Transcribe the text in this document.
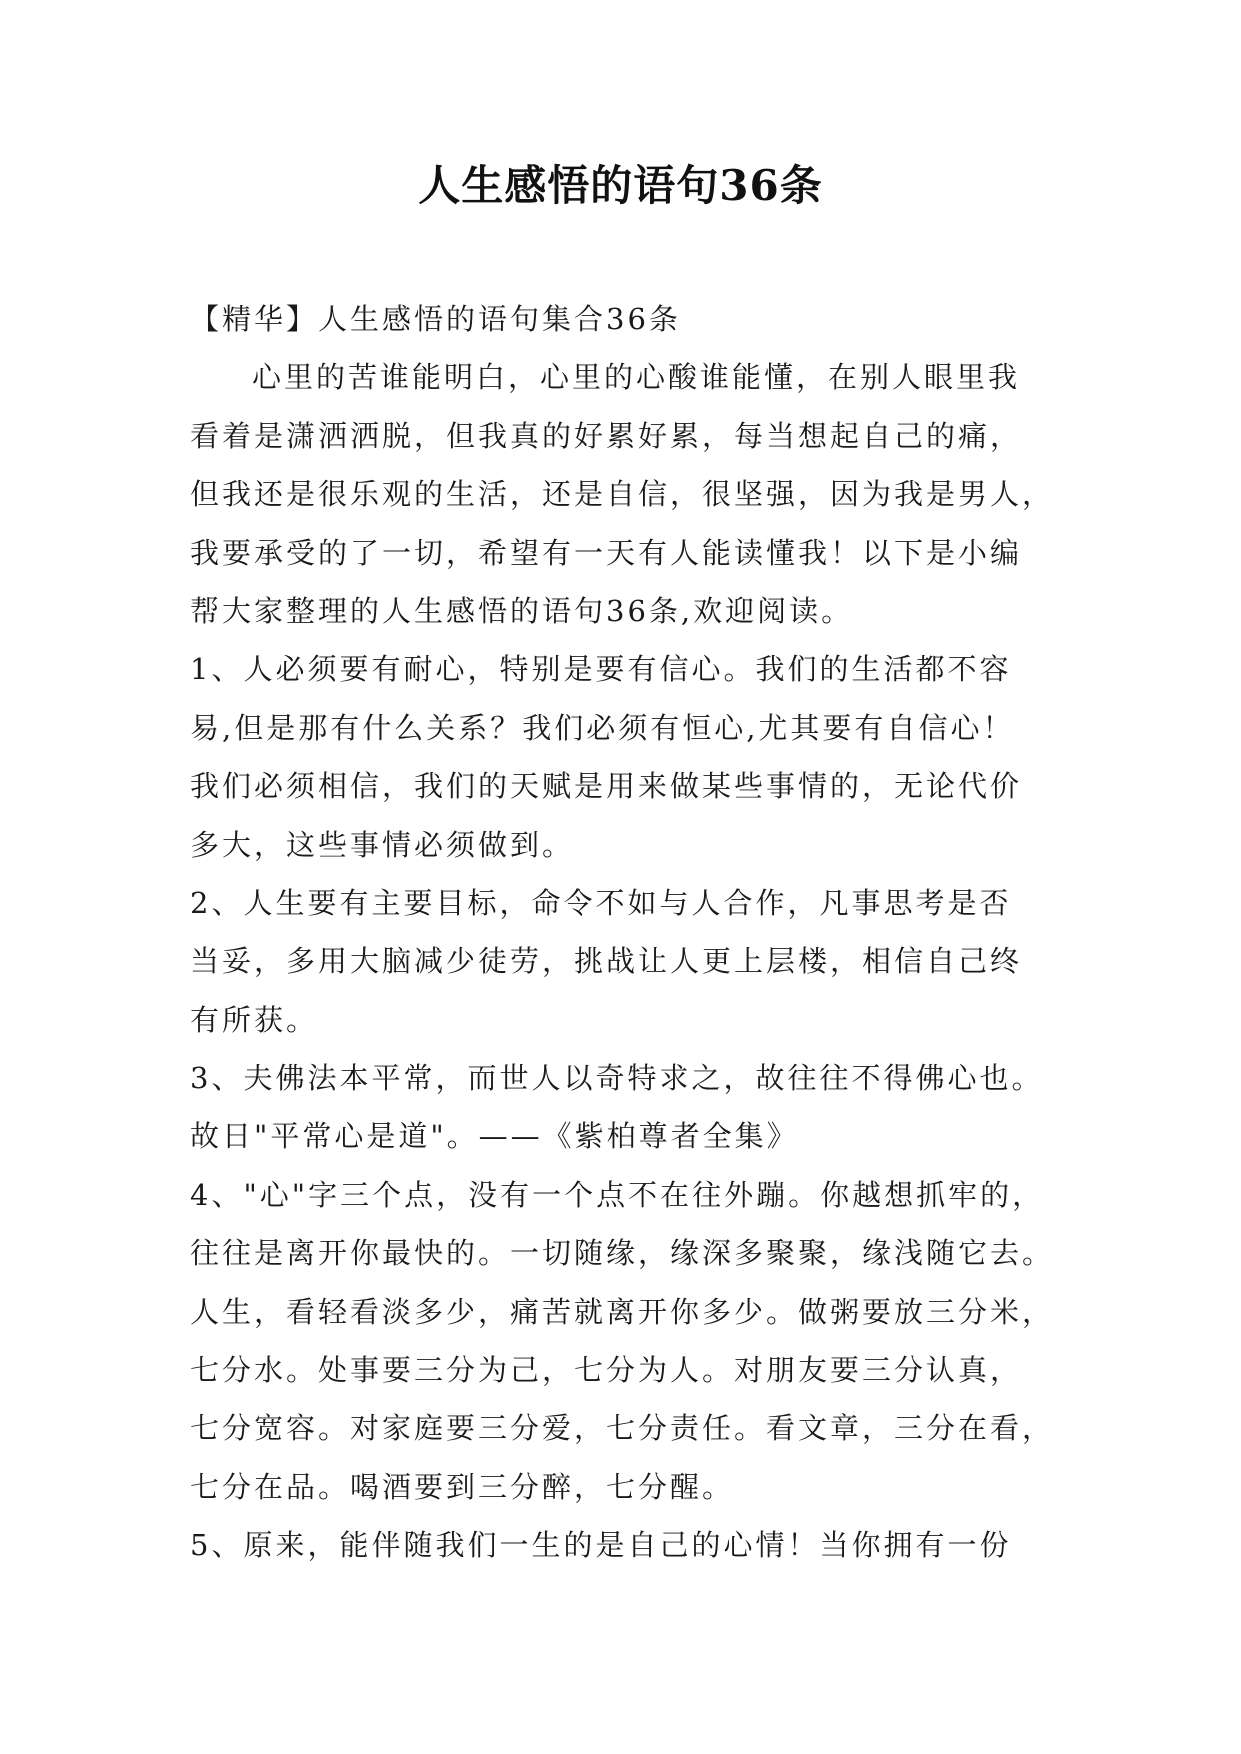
人生感悟的语句36条
【精华】人生感悟的语句集合36条
心里的苦谁能明白，心里的心酸谁能懂，在别人眼里我
看着是潇洒洒脱，但我真的好累好累，每当想起自己的痛，
但我还是很乐观的生活，还是自信，很坚强，因为我是男人，
我要承受的了一切，希望有一天有人能读懂我！以下是小编
帮大家整理的人生感悟的语句36条,欢迎阅读。
1、人必须要有耐心，特别是要有信心。我们的生活都不容
易,但是那有什么关系？我们必须有恒心,尤其要有自信心！
我们必须相信，我们的天赋是用来做某些事情的，无论代价
多大，这些事情必须做到。
2、人生要有主要目标，命令不如与人合作，凡事思考是否
当妥，多用大脑减少徒劳，挑战让人更上层楼，相信自己终
有所获。
3、夫佛法本平常，而世人以奇特求之，故往往不得佛心也。
故日"平常心是道"。——《紫柏尊者全集》
4、"心"字三个点，没有一个点不在往外蹦。你越想抓牢的，
往往是离开你最快的。一切随缘，缘深多聚聚，缘浅随它去。
人生，看轻看淡多少，痛苦就离开你多少。做粥要放三分米，
七分水。处事要三分为己，七分为人。对朋友要三分认真，
七分宽容。对家庭要三分爱，七分责任。看文章，三分在看，
七分在品。喝酒要到三分醉，七分醒。
5、原来，能伴随我们一生的是自己的心情！当你拥有一份
